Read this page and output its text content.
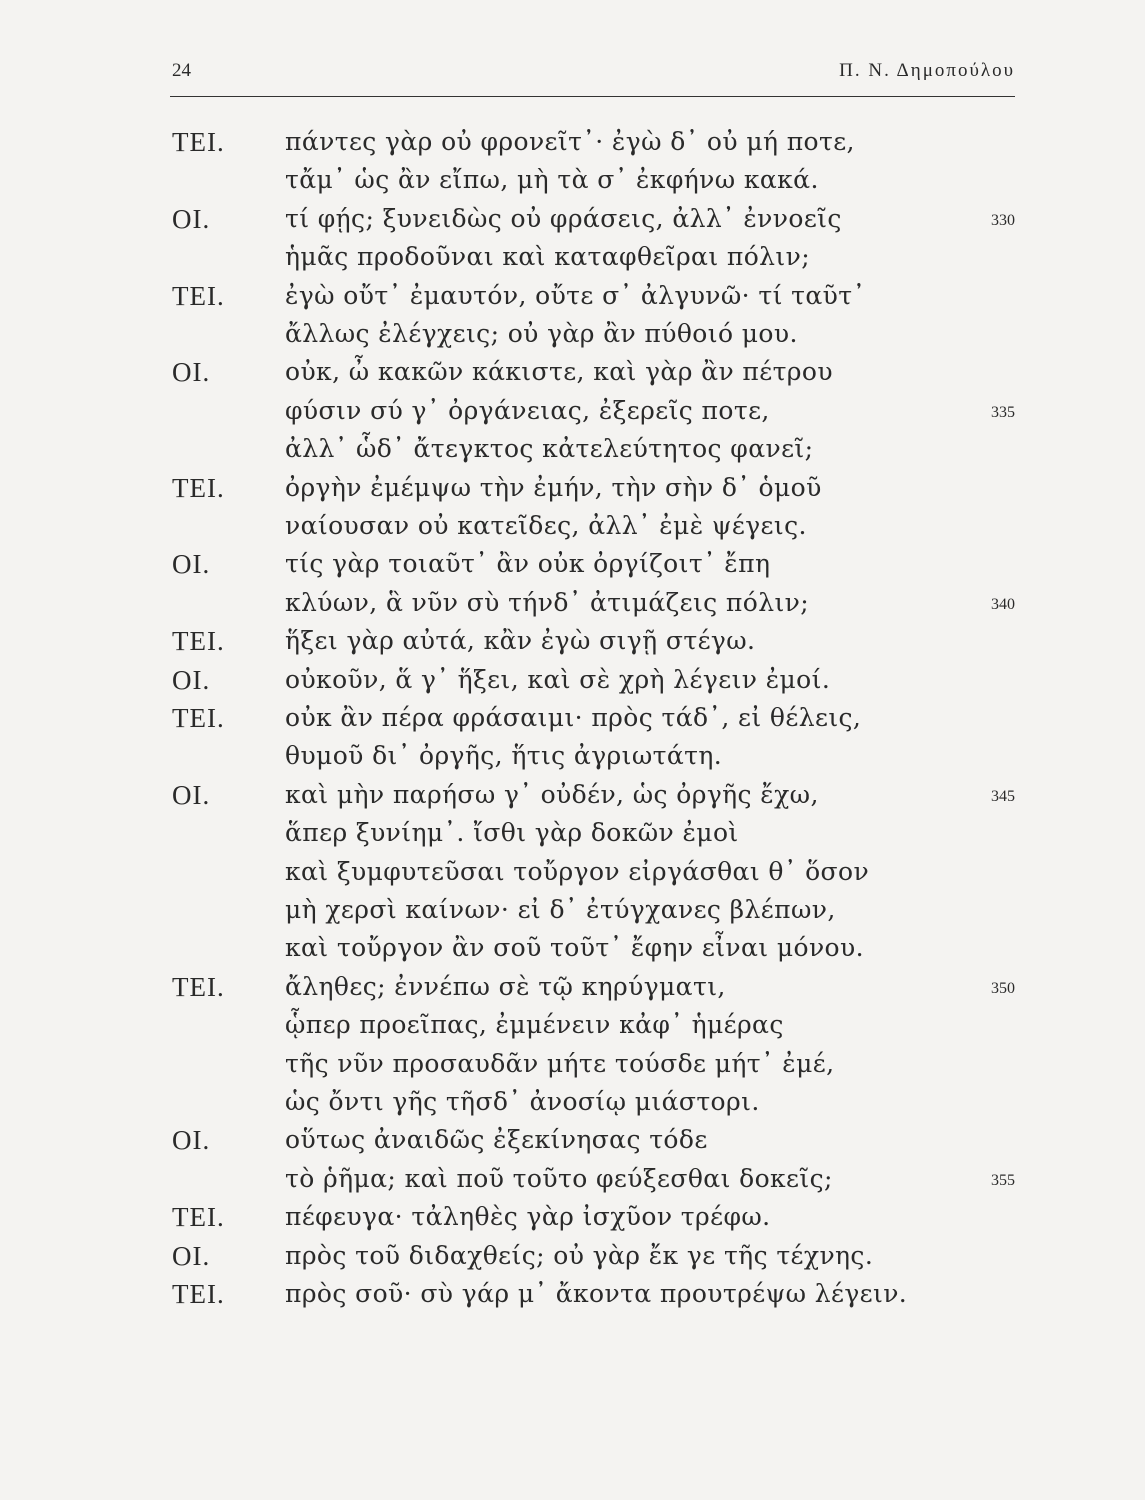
24	Π. Ν. Δημοπούλου
ΤΕΙ. πάντες γὰρ οὐ φρονεῖτ᾽· ἐγὼ δ᾽ οὐ μή ποτε,
τἄμ᾽ ὡς ἂν εἴπω, μὴ τὰ σ᾽ ἐκφήνω κακά.
ΟΙ.	τί φῄς; ξυνειδὼς οὐ φράσεις, ἀλλ᾽ ἐννοεῖς	330
ἡμᾶς προδοῦναι καὶ καταφθεῖραι πόλιν;
ΤΕΙ. ἐγὼ οὔτ᾽ ἐμαυτόν, οὔτε σ᾽ ἀλγυνῶ· τί ταῦτ᾽
ἄλλως ἐλέγχεις; οὐ γὰρ ἂν πύθοιό μου.
ΟΙ.	οὐκ, ὦ κακῶν κάκιστε, καὶ γὰρ ἂν πέτρου
φύσιν σύ γ᾽ ὀργάνειας, ἐξερεῖς ποτε,	335
ἀλλ᾽ ὧδ᾽ ἄτεγκτος κἀτελεύτητος φανεῖ;
ΤΕΙ. ὀργὴν ἐμέμψω τὴν ἐμήν, τὴν σὴν δ᾽ ὁμοῦ
ναίουσαν οὐ κατεῖδες, ἀλλ᾽ ἐμὲ ψέγεις.
ΟΙ.	τίς γὰρ τοιαῦτ᾽ ἂν οὐκ ὀργίζοιτ᾽ ἔπη
κλύων, ἃ νῦν σὺ τήνδ᾽ ἀτιμάζεις πόλιν;	340
ΤΕΙ. ἥξει γὰρ αὐτά, κἂν ἐγὼ σιγῇ στέγω.
ΟΙ.	οὐκοῦν, ἅ γ᾽ ἥξει, καὶ σὲ χρὴ λέγειν ἐμοί.
ΤΕΙ. οὐκ ἂν πέρα φράσαιμι· πρὸς τάδ᾽, εἰ θέλεις,
θυμοῦ δι᾽ ὀργῆς, ἥτις ἀγριωτάτη.
ΟΙ.	καὶ μὴν παρήσω γ᾽ οὐδέν, ὡς ὀργῆς ἔχω,	345
ἅπερ ξυνίημ᾽. ἴσθι γὰρ δοκῶν ἐμοὶ
καὶ ξυμφυτεῦσαι τοὔργον εἰργάσθαι θ᾽ ὅσον
μὴ χερσὶ καίνων· εἰ δ᾽ ἐτύγχανες βλέπων,
καὶ τοὔργον ἂν σοῦ τοῦτ᾽ ἔφην εἶναι μόνου.
ΤΕΙ. ἄληθες; ἐννέπω σὲ τῷ κηρύγματι,	350
ᾧπερ προεῖπας, ἐμμένειν κἀφ᾽ ἡμέρας
τῆς νῦν προσαυδᾶν μήτε τούσδε μήτ᾽ ἐμέ,
ὡς ὄντι γῆς τῆσδ᾽ ἀνοσίῳ μιάστορι.
ΟΙ.	οὕτως ἀναιδῶς ἐξεκίνησας τόδε
τὸ ῥῆμα; καὶ ποῦ τοῦτο φεύξεσθαι δοκεῖς;	355
ΤΕΙ. πέφευγα· τἀληθὲς γὰρ ἰσχῦον τρέφω.
ΟΙ.	πρὸς τοῦ διδαχθείς; οὐ γὰρ ἔκ γε τῆς τέχνης.
ΤΕΙ. πρὸς σοῦ· σὺ γάρ μ᾽ ἄκοντα προυτρέψω λέγειν.
